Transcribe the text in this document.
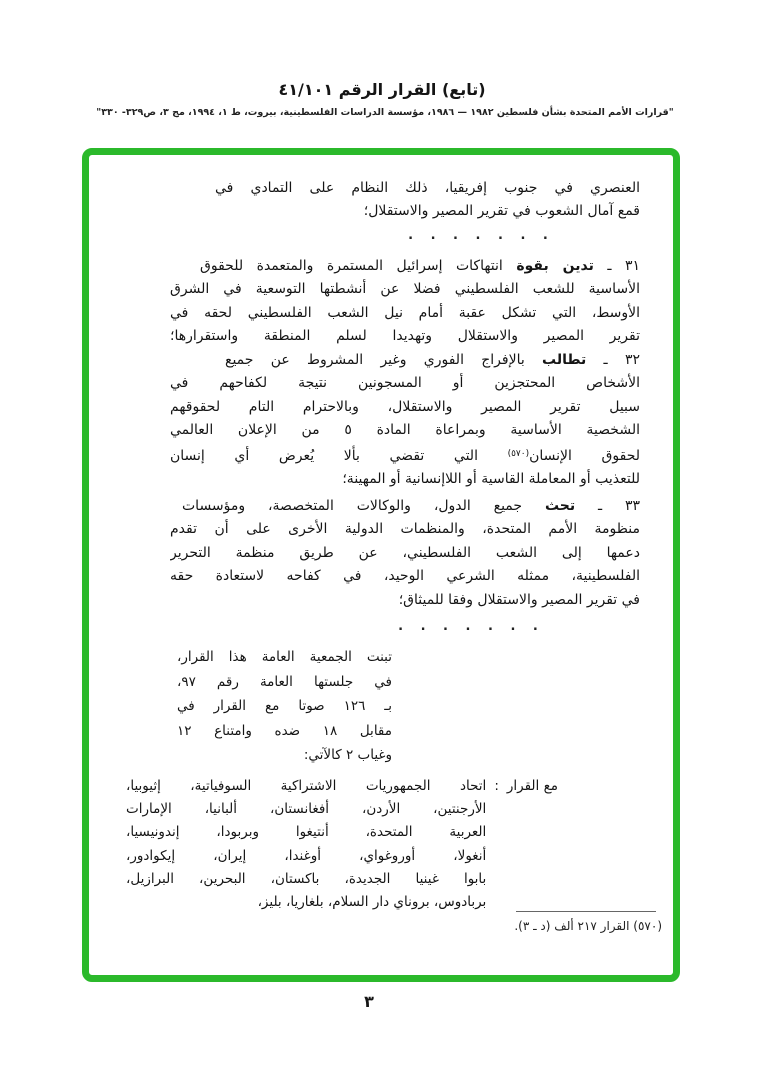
(تابع) القرار الرقم ٤١/١٠١
"قرارات الأمم المتحدة بشأن فلسطين ١٩٨٢ — ١٩٨٦، مؤسسة الدراسات الفلسطينية، بيروت، ط ١، ١٩٩٤، مج ٣، ص٣٢٩- ٣٣٠"
العنصري في جنوب إفريقيا، ذلك النظام على التمادي في
قمع آمال الشعوب في تقرير المصير والاستقلال؛
. . . . . . .
٣١ ـ تدين بقوة انتهاكات إسرائيل المستمرة والمتعمدة للحقوق
الأساسية للشعب الفلسطيني فضلا عن أنشطتها التوسعية في الشرق
الأوسط، التي تشكل عقبة أمام نيل الشعب الفلسطيني لحقه في
تقرير المصير والاستقلال وتهديدا لسلم المنطقة واستقرارها؛
٣٢ ـ تطالب بالإفراج الفوري وغير المشروط عن جميع
الأشخاص المحتجزين أو المسجونين نتيجة لكفاحهم في
سبيل تقرير المصير والاستقلال، وبالاحترام التام لحقوقهم
الشخصية الأساسية وبمراعاة المادة ٥ من الإعلان العالمي
لحقوق الإنسان$^{(٥٧٠)}$ التي تقضي بألا يُعرض أي إنسان
للتعذيب أو المعاملة القاسية أو اللاإنسانية أو المهينة؛
٣٣ ـ تحث جميع الدول، والوكالات المتخصصة، ومؤسسات
منظومة الأمم المتحدة، والمنظمات الدولية الأخرى على أن تقدم
دعمها إلى الشعب الفلسطيني، عن طريق منظمة التحرير
الفلسطينية، ممثله الشرعي الوحيد، في كفاحه لاستعادة حقه
في تقرير المصير والاستقلال وفقا للميثاق؛
. . . . . . .
تبنت الجمعية العامة هذا القرار،
في جلستها العامة رقم ٩٧،
بـ ١٢٦ صوتا مع القرار في
مقابل ١٨ ضده وامتناع ١٢
وغياب ٢ كالآتي:
مع القرار
:
اتحاد الجمهوريات الاشتراكية السوفياتية، إثيوبيا،
الأرجنتين، الأردن، أفغانستان، ألبانيا، الإمارات
العربية المتحدة، أنتيغوا وبربودا، إندونيسيا،
أنغولا، أوروغواي، أوغندا، إيران، إيكوادور،
بابوا غينيا الجديدة، باكستان، البحرين، البرازيل،
بربادوس، بروناي دار السلام، بلغاريا، بليز،
(٥٧٠) القرار ٢١٧ ألف (د ـ ٣).
٣
